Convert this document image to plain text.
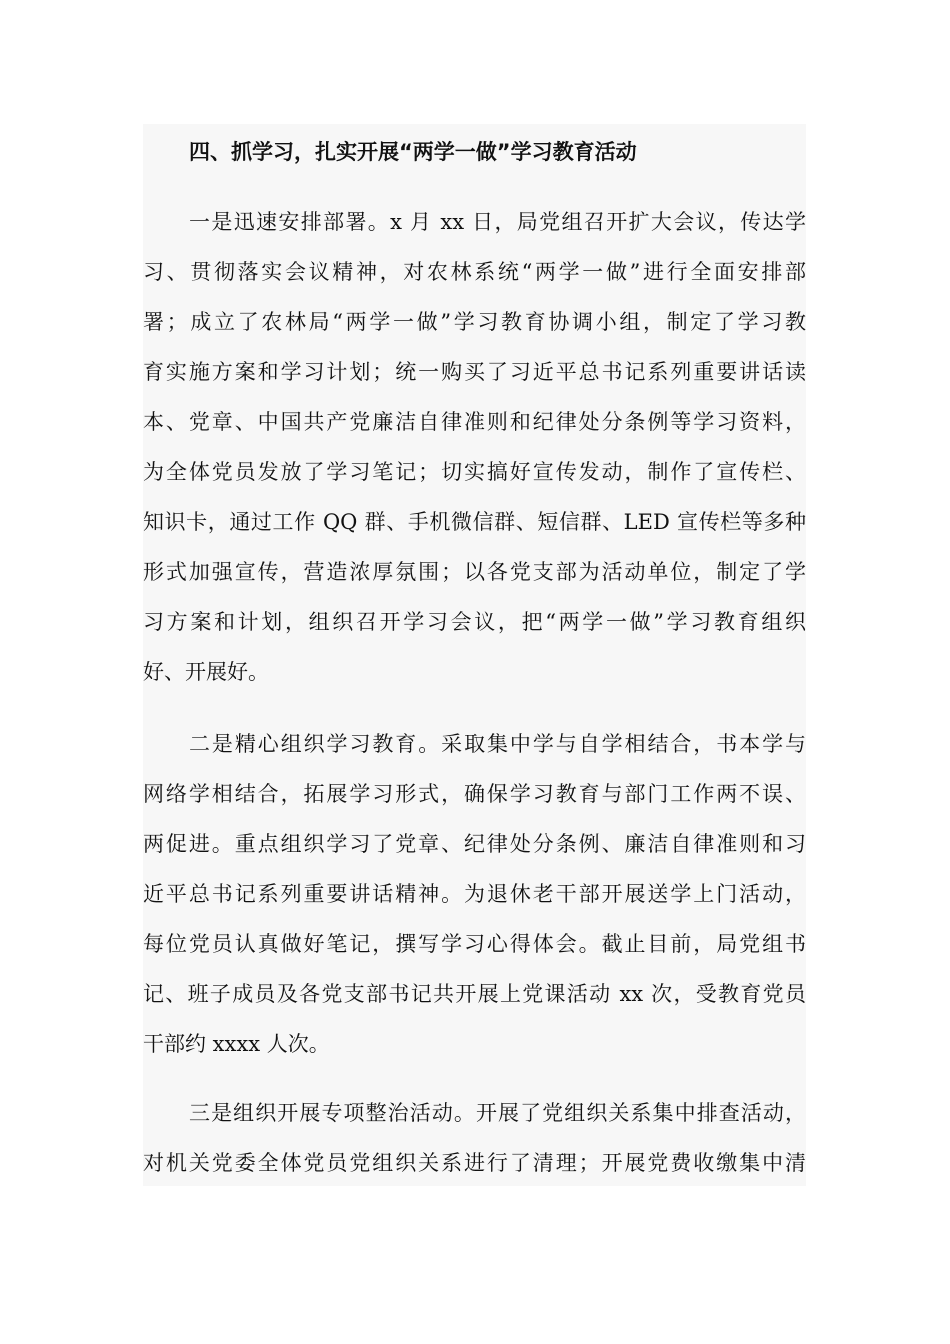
四、抓学习，扎实开展“两学一做”学习教育活动
一是迅速安排部署。x 月 xx 日，局党组召开扩大会议，传达学
习、贯彻落实会议精神，对农林系统“两学一做”进行全面安排部
署；成立了农林局“两学一做”学习教育协调小组，制定了学习教
育实施方案和学习计划；统一购买了习近平总书记系列重要讲话读
本、党章、中国共产党廉洁自律准则和纪律处分条例等学习资料，
为全体党员发放了学习笔记；切实搞好宣传发动，制作了宣传栏、
知识卡，通过工作 QQ 群、手机微信群、短信群、LED 宣传栏等多种
形式加强宣传，营造浓厚氛围；以各党支部为活动单位，制定了学
习方案和计划，组织召开学习会议，把“两学一做”学习教育组织
好、开展好。
二是精心组织学习教育。采取集中学与自学相结合，书本学与
网络学相结合，拓展学习形式，确保学习教育与部门工作两不误、
两促进。重点组织学习了党章、纪律处分条例、廉洁自律准则和习
近平总书记系列重要讲话精神。为退休老干部开展送学上门活动，
每位党员认真做好笔记，撰写学习心得体会。截止目前，局党组书
记、班子成员及各党支部书记共开展上党课活动 xx 次，受教育党员
干部约 xxxx 人次。
三是组织开展专项整治活动。开展了党组织关系集中排查活动，
对机关党委全体党员党组织关系进行了清理；开展党费收缴集中清
